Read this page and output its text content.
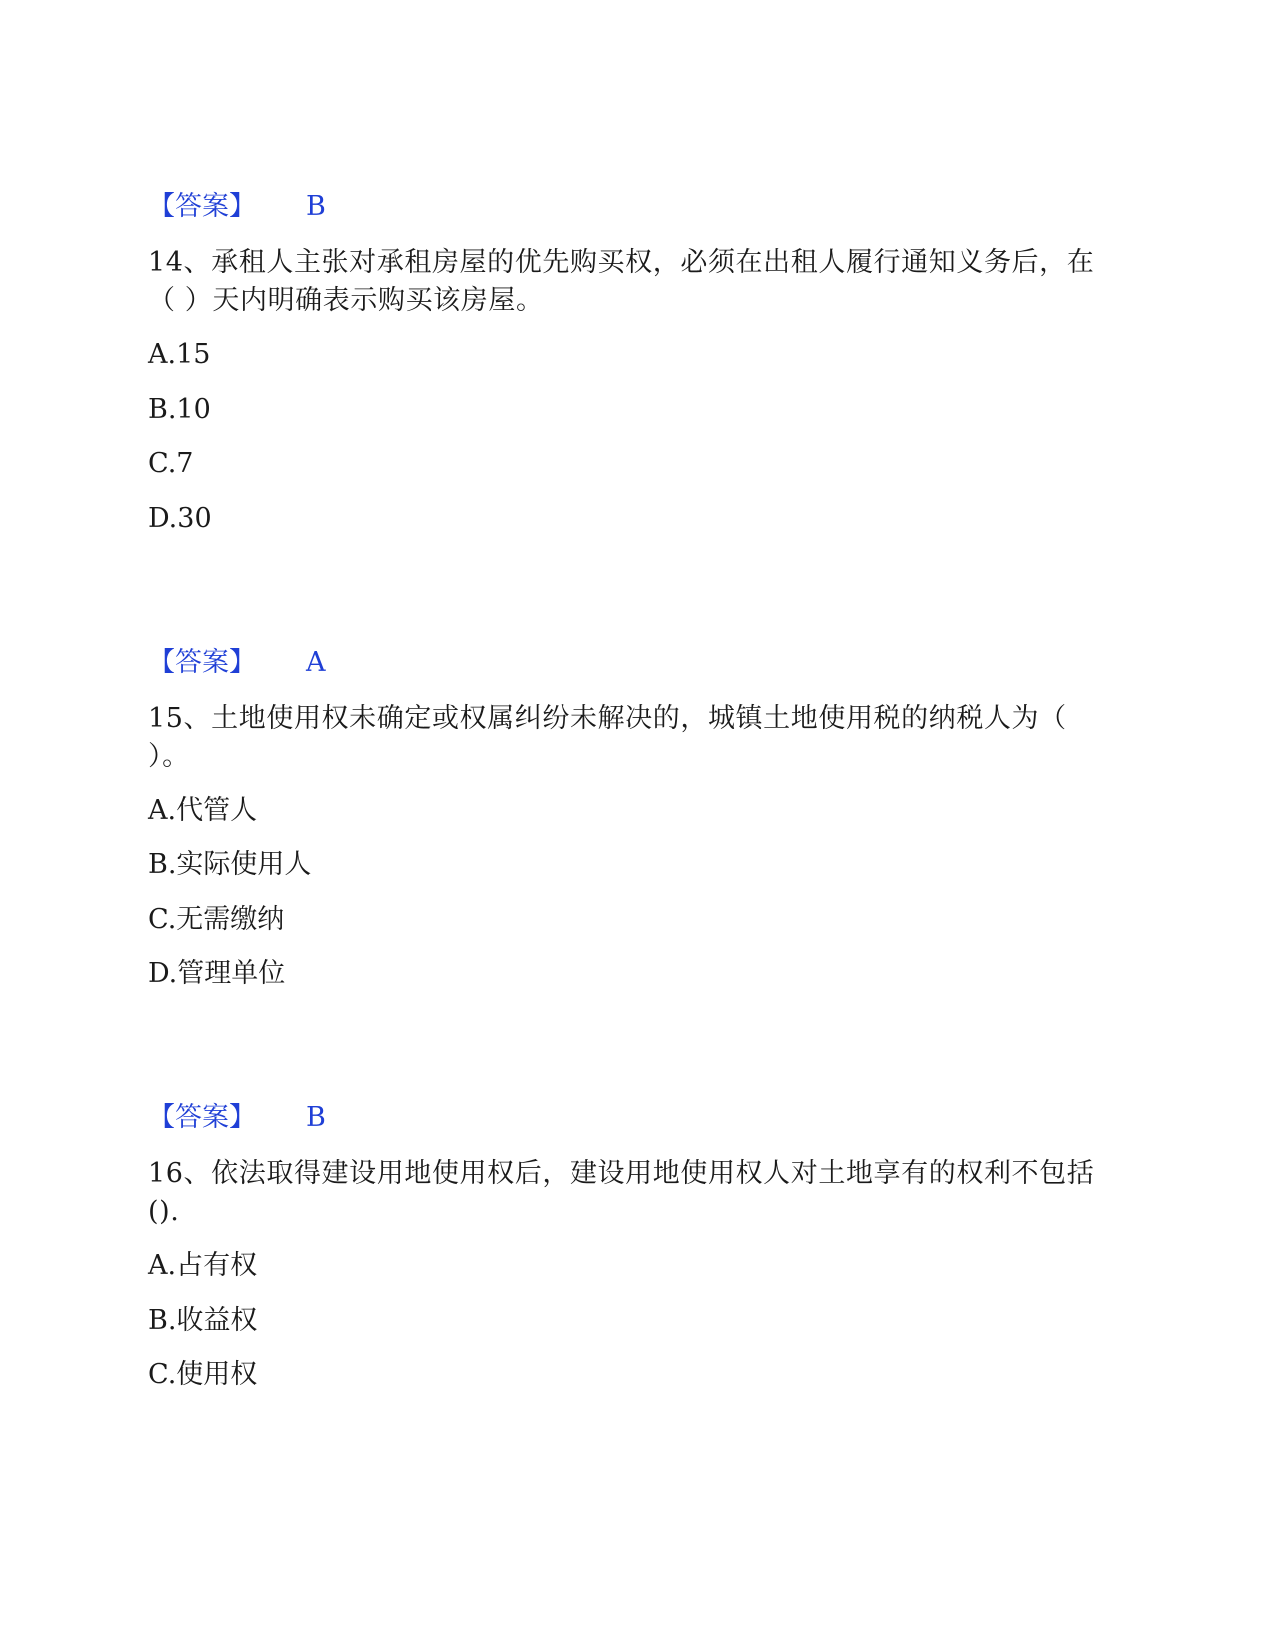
【答案】 B
14、承租人主张对承租房屋的优先购买权，必须在出租人履行通知义务后，在（ ）天内明确表示购买该房屋。
A.15
B.10
C.7
D.30
【答案】 A
15、土地使用权未确定或权属纠纷未解决的，城镇土地使用税的纳税人为（ ）。
A.代管人
B.实际使用人
C.无需缴纳
D.管理单位
【答案】 B
16、依法取得建设用地使用权后，建设用地使用权人对土地享有的权利不包括().
A.占有权
B.收益权
C.使用权
